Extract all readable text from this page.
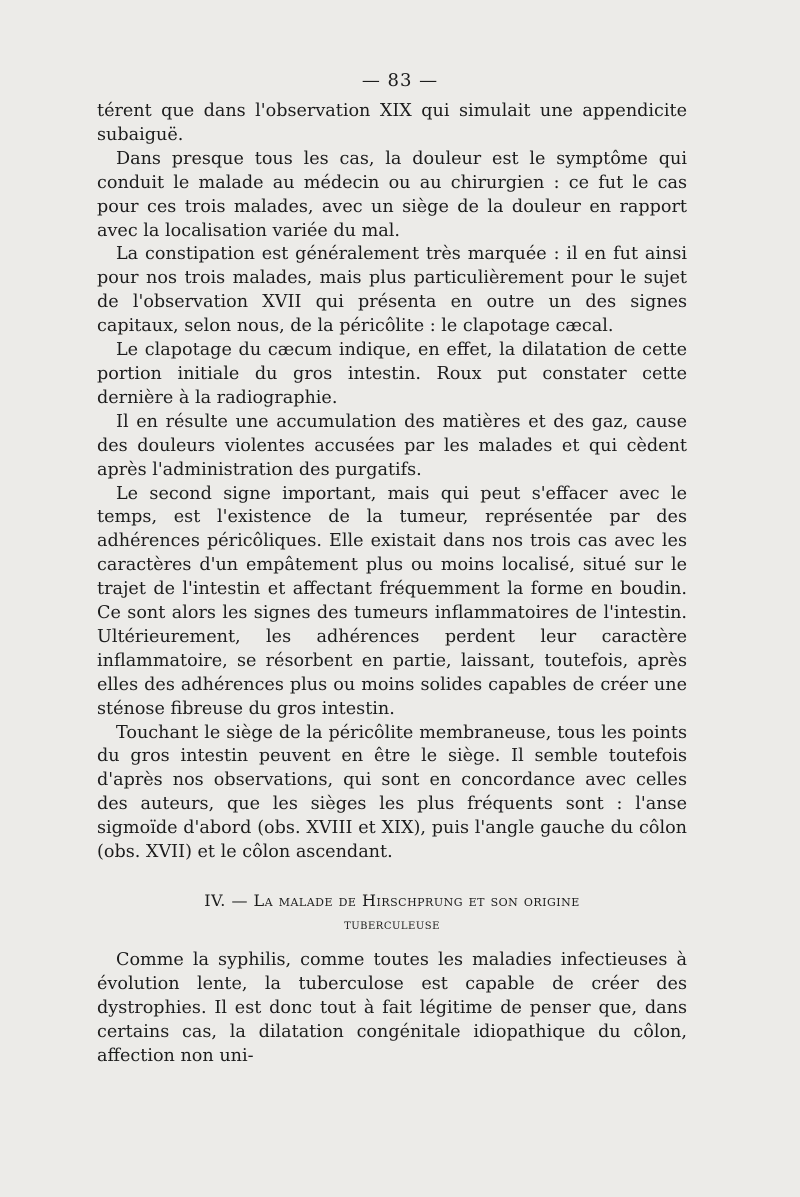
— 83 —

térent que dans l'observation XIX qui simulait une appendicite subaiguë.

Dans presque tous les cas, la douleur est le symptôme qui conduit le malade au médecin ou au chirurgien : ce fut le cas pour ces trois malades, avec un siège de la douleur en rapport avec la localisation variée du mal.

La constipation est généralement très marquée : il en fut ainsi pour nos trois malades, mais plus particulièrement pour le sujet de l'observation XVII qui présenta en outre un des signes capitaux, selon nous, de la péricôlite : le clapotage cæcal.

Le clapotage du cæcum indique, en effet, la dilatation de cette portion initiale du gros intestin. Roux put constater cette dernière à la radiographie.

Il en résulte une accumulation des matières et des gaz, cause des douleurs violentes accusées par les malades et qui cèdent après l'administration des purgatifs.

Le second signe important, mais qui peut s'effacer avec le temps, est l'existence de la tumeur, représentée par des adhérences péricôliques. Elle existait dans nos trois cas avec les caractères d'un empâtement plus ou moins localisé, situé sur le trajet de l'intestin et affectant fréquemment la forme en boudin. Ce sont alors les signes des tumeurs inflammatoires de l'intestin. Ultérieurement, les adhérences perdent leur caractère inflammatoire, se résorbent en partie, laissant, toutefois, après elles des adhérences plus ou moins solides capables de créer une sténose fibreuse du gros intestin.

Touchant le siège de la péricôlite membraneuse, tous les points du gros intestin peuvent en être le siège. Il semble toutefois d'après nos observations, qui sont en concordance avec celles des auteurs, que les sièges les plus fréquents sont : l'anse sigmoïde d'abord (obs. XVIII et XIX), puis l'angle gauche du côlon (obs. XVII) et le côlon ascendant.

IV. — La malade de Hirschprung et son origine
tuberculeuse

Comme la syphilis, comme toutes les maladies infectieuses à évolution lente, la tuberculose est capable de créer des dystrophies. Il est donc tout à fait légitime de penser que, dans certains cas, la dilatation congénitale idiopathique du côlon, affection non uni-
